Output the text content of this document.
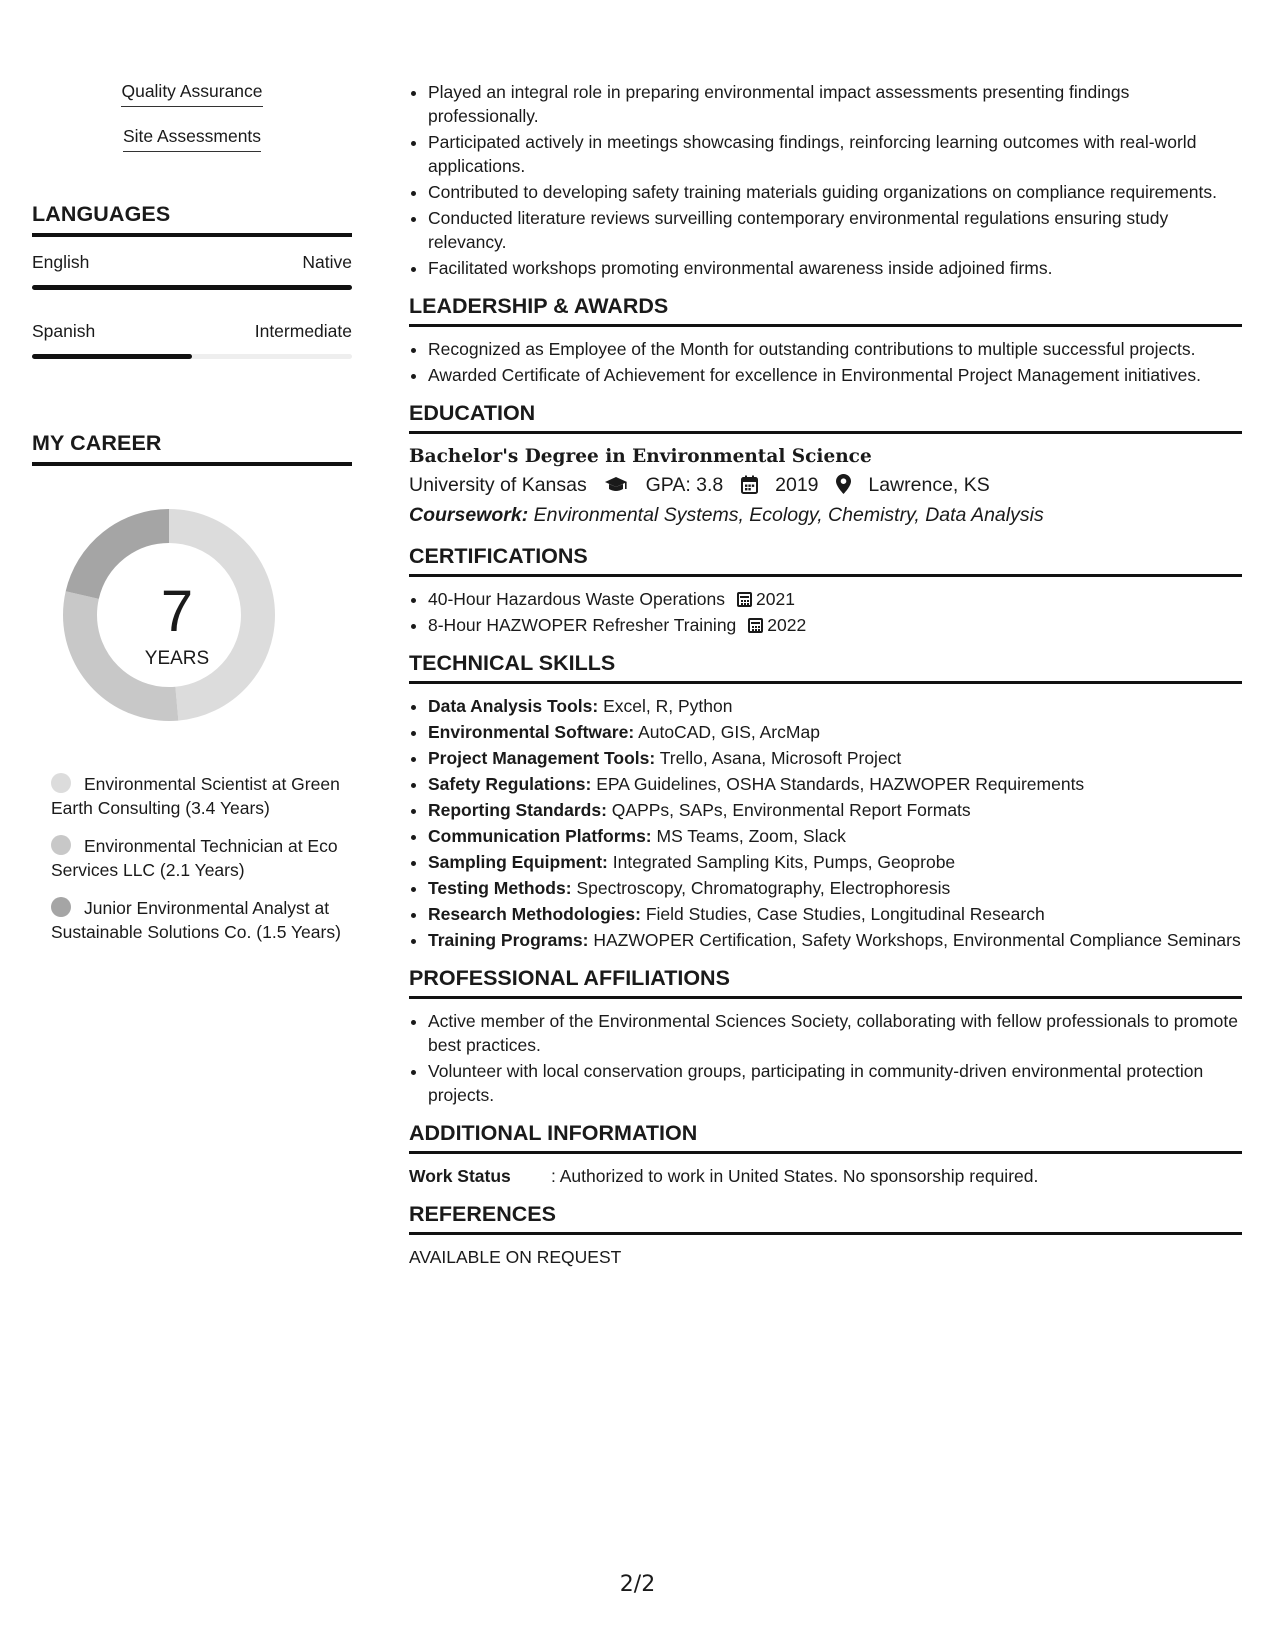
Quality Assurance
Site Assessments
LANGUAGES
English	Native
Spanish	Intermediate
MY CAREER
7
YEARS
Environmental Scientist at Green Earth Consulting (3.4 Years)
Environmental Technician at Eco Services LLC (2.1 Years)
Junior Environmental Analyst at Sustainable Solutions Co. (1.5 Years)
• Played an integral role in preparing environmental impact assessments presenting findings professionally.
• Participated actively in meetings showcasing findings, reinforcing learning outcomes with real-world applications.
• Contributed to developing safety training materials guiding organizations on compliance requirements.
• Conducted literature reviews surveilling contemporary environmental regulations ensuring study relevancy.
• Facilitated workshops promoting environmental awareness inside adjoined firms.
LEADERSHIP & AWARDS
• Recognized as Employee of the Month for outstanding contributions to multiple successful projects.
• Awarded Certificate of Achievement for excellence in Environmental Project Management initiatives.
EDUCATION
Bachelor's Degree in Environmental Science
University of Kansas	GPA: 3.8	2019	Lawrence, KS
Coursework: Environmental Systems, Ecology, Chemistry, Data Analysis
CERTIFICATIONS
• 40-Hour Hazardous Waste Operations 2021
• 8-Hour HAZWOPER Refresher Training 2022
TECHNICAL SKILLS
• Data Analysis Tools: Excel, R, Python
• Environmental Software: AutoCAD, GIS, ArcMap
• Project Management Tools: Trello, Asana, Microsoft Project
• Safety Regulations: EPA Guidelines, OSHA Standards, HAZWOPER Requirements
• Reporting Standards: QAPPs, SAPs, Environmental Report Formats
• Communication Platforms: MS Teams, Zoom, Slack
• Sampling Equipment: Integrated Sampling Kits, Pumps, Geoprobe
• Testing Methods: Spectroscopy, Chromatography, Electrophoresis
• Research Methodologies: Field Studies, Case Studies, Longitudinal Research
• Training Programs: HAZWOPER Certification, Safety Workshops, Environmental Compliance Seminars
PROFESSIONAL AFFILIATIONS
• Active member of the Environmental Sciences Society, collaborating with fellow professionals to promote best practices.
• Volunteer with local conservation groups, participating in community-driven environmental protection projects.
ADDITIONAL INFORMATION
Work Status	: Authorized to work in United States. No sponsorship required.
REFERENCES
AVAILABLE ON REQUEST
2/2
